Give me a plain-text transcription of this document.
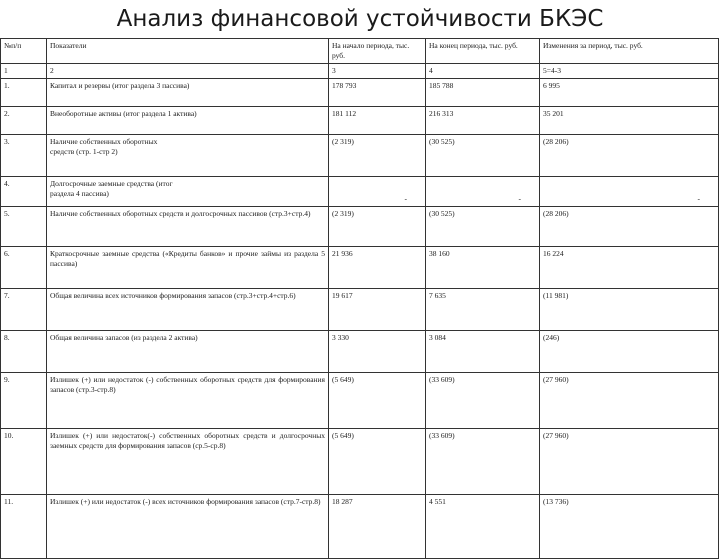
Анализ финансовой устойчивости БКЭС
№п/п	Показатели	На начало периода, тыс. руб.	На конец периода, тыс. руб.	Изменения за период, тыс. руб.
1	2	3	4	5=4-3
1.	Капитал и резервы (итог раздела 3 пассива)	178 793	185 788	6 995
2.	Внеоборотные активы (итог раздела 1 актива)	181 112	216 313	35 201
3.	Наличие собственных оборотных средств (стр. 1-стр 2)	(2 319)	(30 525)	(28 206)
4.	Долгосрочные заемные средства (итог раздела 4 пассива)	-	-	-
5.	Наличие собственных оборотных средств и долгосрочных пассивов (стр.3+стр.4)	(2 319)	(30 525)	(28 206)
6.	Краткосрочные заемные средства («Кредиты банков» и прочие займы из раздела 5 пассива)	21 936	38 160	16 224
7.	Общая величина всех источников формирования запасов (стр.3+стр.4+стр.6)	19 617	7 635	(11 981)
8.	Общая величина запасов (из раздела 2 актива)	3 330	3 084	(246)
9.	Излишек (+) или недостаток (-) собственных оборотных средств для формирования запасов (стр.3-стр.8)	(5 649)	(33 609)	(27 960)
10.	Излишек (+) или недостаток(-) собственных оборотных средств и долгосрочных заемных средств для формирования запасов (ср.5-ср.8)	(5 649)	(33 609)	(27 960)
11.	Излишек (+) или недостаток (-) всех источников формирования запасов (стр.7-стр.8)	18 287	4 551	(13 736)
